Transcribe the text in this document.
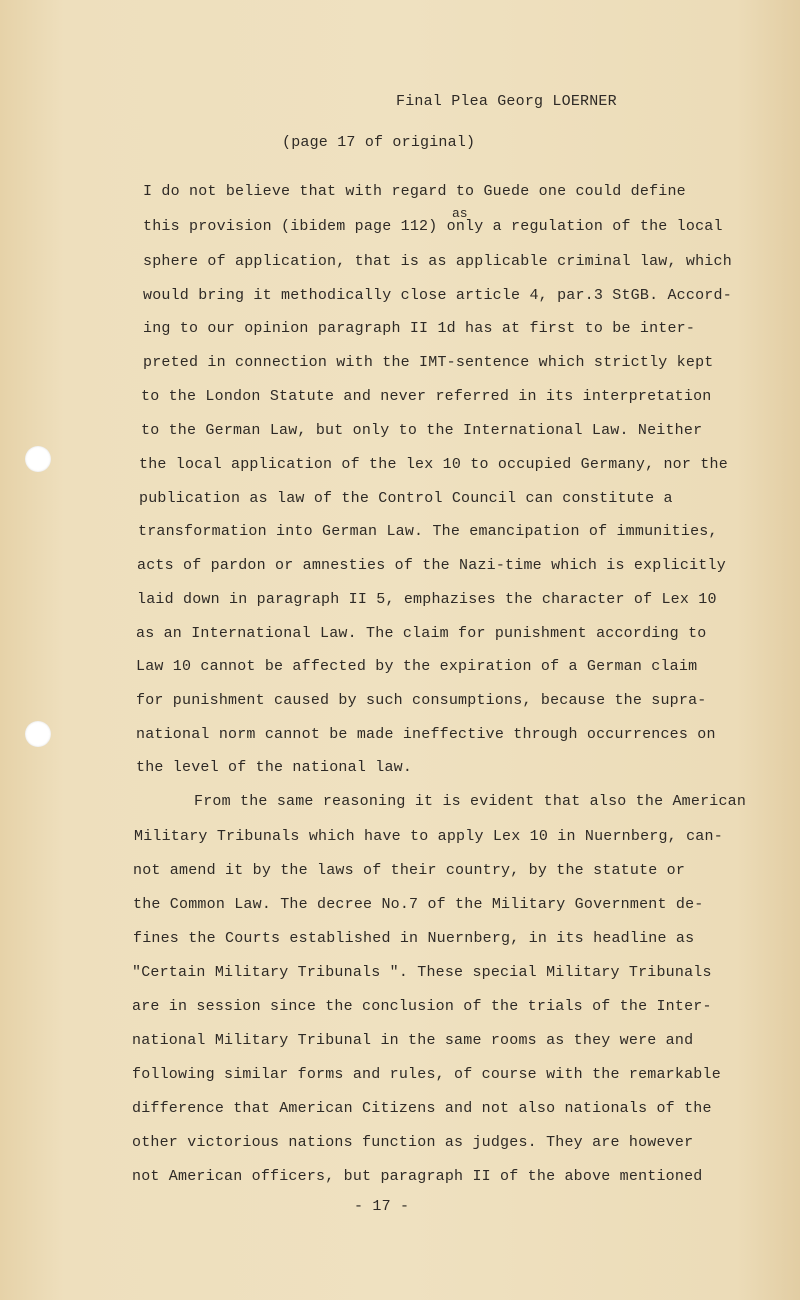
Final Plea Georg LOERNER
(page 17 of original)
as
I do not believe that with regard to Guede one could define
this provision (ibidem page 112) only a regulation of the local
sphere of application, that is as applicable criminal law, which
would bring it methodically close article 4, par.3 StGB. Accord-
ing to our opinion paragraph II 1d has at first to be inter-
preted in connection with the IMT-sentence which strictly kept
to the London Statute and never referred in its interpretation
to the German Law, but only to the International Law. Neither
the local application of the lex 10 to occupied Germany, nor the
publication as law of the Control Council can constitute a
transformation into German Law. The emancipation of immunities,
acts of pardon or amnesties of the Nazi-time which is explicitly
laid down in paragraph II 5, emphazises the character of Lex 10
as an International Law. The claim for punishment according to
Law 10 cannot be affected by the expiration of a German claim
for punishment caused by such consumptions, because the supra-
national norm cannot be made ineffective through occurrences on
the level of the national law.
From the same reasoning it is evident that also the American
Military Tribunals which have to apply Lex 10 in Nuernberg, can-
not amend it by the laws of their country, by the statute or
the Common Law. The decree No.7 of the Military Government de-
fines the Courts established in Nuernberg, in its headline as
"Certain Military Tribunals ". These special Military Tribunals
are in session since the conclusion of the trials of the Inter-
national Military Tribunal in the same rooms as they were and
following similar forms and rules, of course with the remarkable
difference that American Citizens and not also nationals of the
other victorious nations function as judges. They are however
not American officers, but paragraph II of the above mentioned
- 17 -
